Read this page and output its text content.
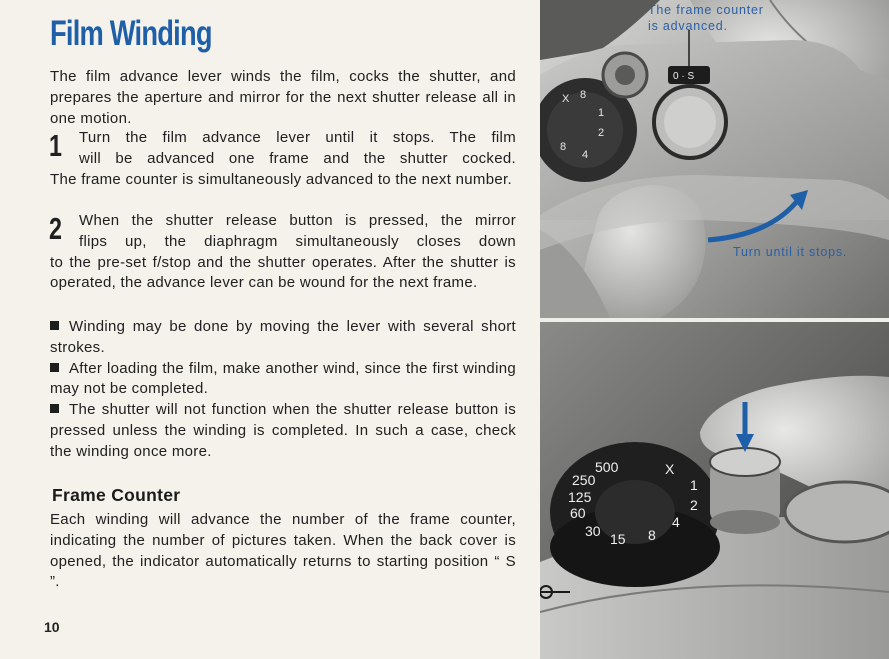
Film Winding
The film advance lever winds the film, cocks the shutter, and prepares the aperture and mirror for the next shutter release all in one motion.
1	Turn the film advance lever until it stops. The film
will be advanced one frame and the shutter cocked.
The frame counter is simultaneously advanced to the next number.
2	When the shutter release button is pressed, the mirror
flips up, the diaphragm simultaneously closes down
to the pre-set f/stop and the shutter operates. After the shutter is operated, the advance lever can be wound for the next frame.

Winding may be done by moving the lever with several short strokes.

After loading the film, make another wind, since the first winding may not be completed.

The shutter will not function when the shutter release button is pressed unless the winding is completed. In such a case, check the winding once more.

Frame Counter
Each winding will advance the number of the frame counter, indicating the number of pictures taken. When the back cover is opened, the indicator automatically returns to starting position “ S ”.
10
X 8
1
2
4
8
0 · S
The frame counter
is advanced.
Turn until it stops.
500
250
125
60
30 15 8
4
2
1
X
